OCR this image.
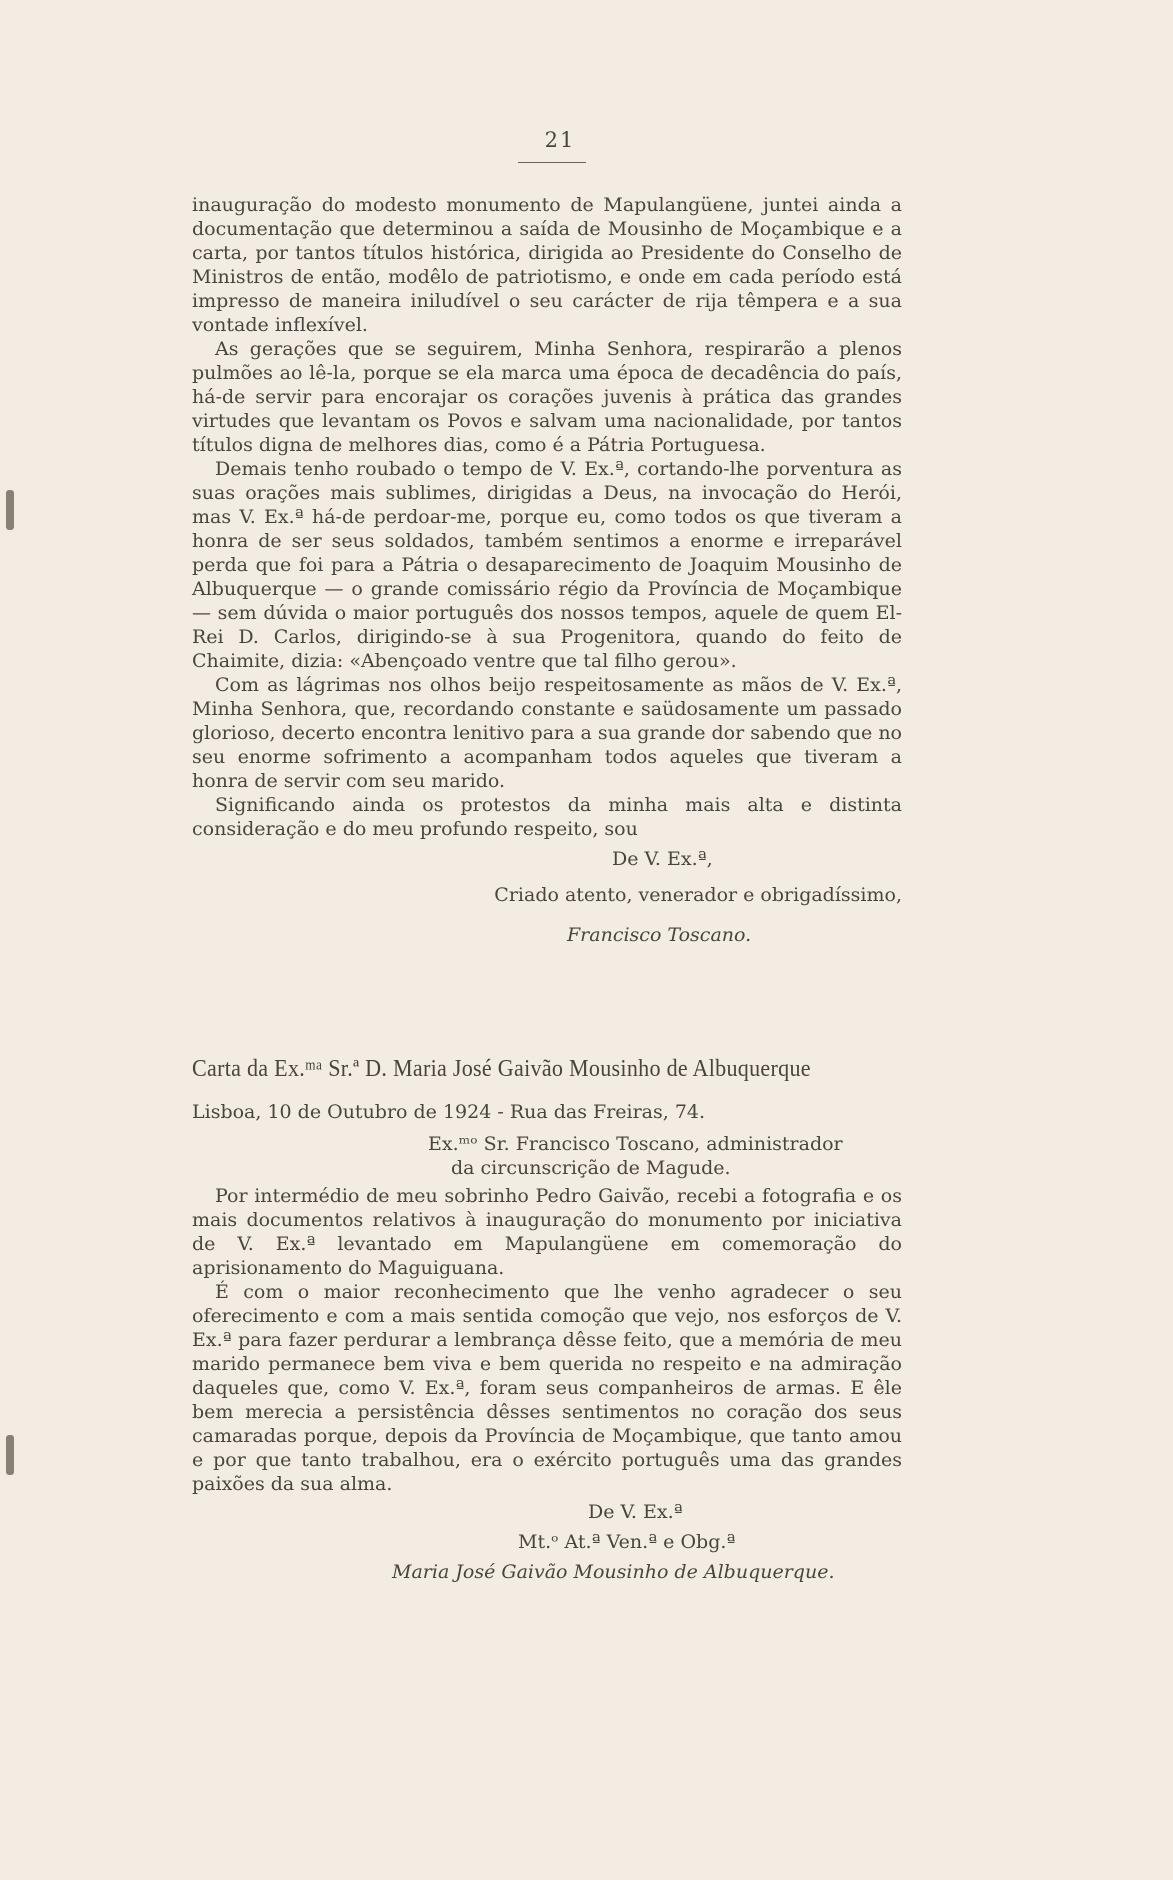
21

inauguração do modesto monumento de Mapulangüene, juntei ainda a documentação que determinou a saída de Mousinho de Moçambique e a carta, por tantos títulos histórica, dirigida ao Presidente do Conselho de Ministros de então, modêlo de patriotismo, e onde em cada período está impresso de maneira iniludível o seu carácter de rija têmpera e a sua vontade inflexível.

As gerações que se seguirem, Minha Senhora, respirarão a plenos pulmões ao lê-la, porque se ela marca uma época de decadência do país, há-de servir para encorajar os corações juvenis à prática das grandes virtudes que levantam os Povos e salvam uma nacionalidade, por tantos títulos digna de melhores dias, como é a Pátria Portuguesa.

Demais tenho roubado o tempo de V. Ex.ª, cortando-lhe porventura as suas orações mais sublimes, dirigidas a Deus, na invocação do Herói, mas V. Ex.ª há-de perdoar-me, porque eu, como todos os que tiveram a honra de ser seus soldados, também sentimos a enorme e irreparável perda que foi para a Pátria o desaparecimento de Joaquim Mousinho de Albuquerque — o grande comissário régio da Província de Moçambique — sem dúvida o maior português dos nossos tempos, aquele de quem El-Rei D. Carlos, dirigindo-se à sua Progenitora, quando do feito de Chaimite, dizia: «Abençoado ventre que tal filho gerou».

Com as lágrimas nos olhos beijo respeitosamente as mãos de V. Ex.ª, Minha Senhora, que, recordando constante e saüdosamente um passado glorioso, decerto encontra lenitivo para a sua grande dor sabendo que no seu enorme sofrimento a acompanham todos aqueles que tiveram a honra de servir com seu marido.

Significando ainda os protestos da minha mais alta e distinta consideração e do meu profundo respeito, sou

De V. Ex.ª,
Criado atento, venerador e obrigadíssimo,
Francisco Toscano.
Carta da Ex.ᵐᵃ Sr.ª D. Maria José Gaivão Mousinho de Albuquerque

Lisboa, 10 de Outubro de 1924 - Rua das Freiras, 74.

Ex.ᵐᵒ Sr. Francisco Toscano, administrador
da circunscrição de Magude.

Por intermédio de meu sobrinho Pedro Gaivão, recebi a fotografia e os mais documentos relativos à inauguração do monumento por iniciativa de V. Ex.ª levantado em Mapulangüene em comemoração do aprisionamento do Maguiguana.

É com o maior reconhecimento que lhe venho agradecer o seu oferecimento e com a mais sentida comoção que vejo, nos esforços de V. Ex.ª para fazer perdurar a lembrança dêsse feito, que a memória de meu marido permanece bem viva e bem querida no respeito e na admiração daqueles que, como V. Ex.ª, foram seus companheiros de armas. E êle bem merecia a persistência dêsses sentimentos no coração dos seus camaradas porque, depois da Província de Moçambique, que tanto amou e por que tanto trabalhou, era o exército português uma das grandes paixões da sua alma.

De V. Ex.ª
Mt.ᵒ At.ª Ven.ª e Obg.ª
Maria José Gaivão Mousinho de Albuquerque.
